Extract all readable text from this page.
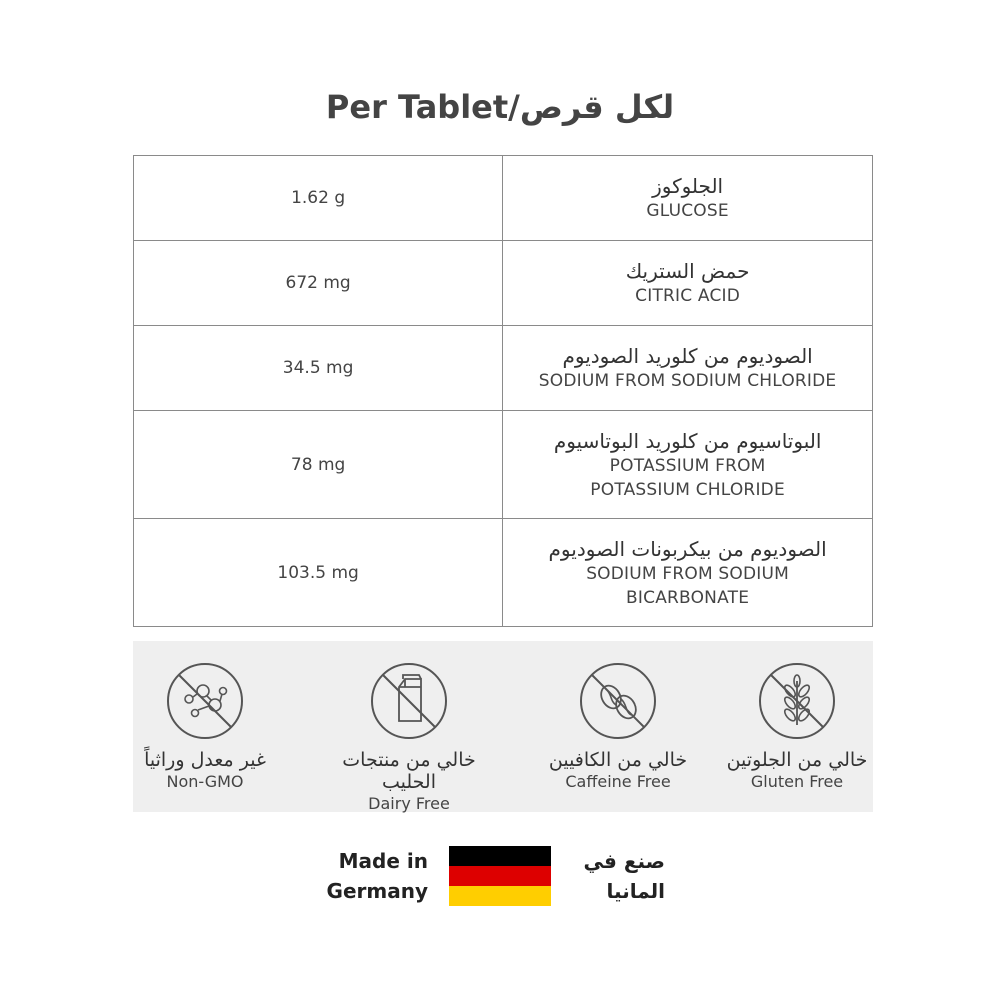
Per Tablet/لكل قرص
1.62 g	الجلوكوز
GLUCOSE

672 mg	حمض الستريك
CITRIC ACID

34.5 mg	الصوديوم من كلوريد الصوديوم
SODIUM FROM SODIUM CHLORIDE

78 mg	البوتاسيوم من كلوريد البوتاسيوم
POTASSIUM FROM POTASSIUM CHLORIDE

103.5 mg	الصوديوم من بيكربونات الصوديوم
SODIUM FROM SODIUM BICARBONATE
غير معدل وراثياً
Non-GMO
خالي من منتجات الحليب
Dairy Free
خالي من الكافيين
Caffeine Free
خالي من الجلوتين
Gluten Free
Made in
Germany
صنع في
المانيا
